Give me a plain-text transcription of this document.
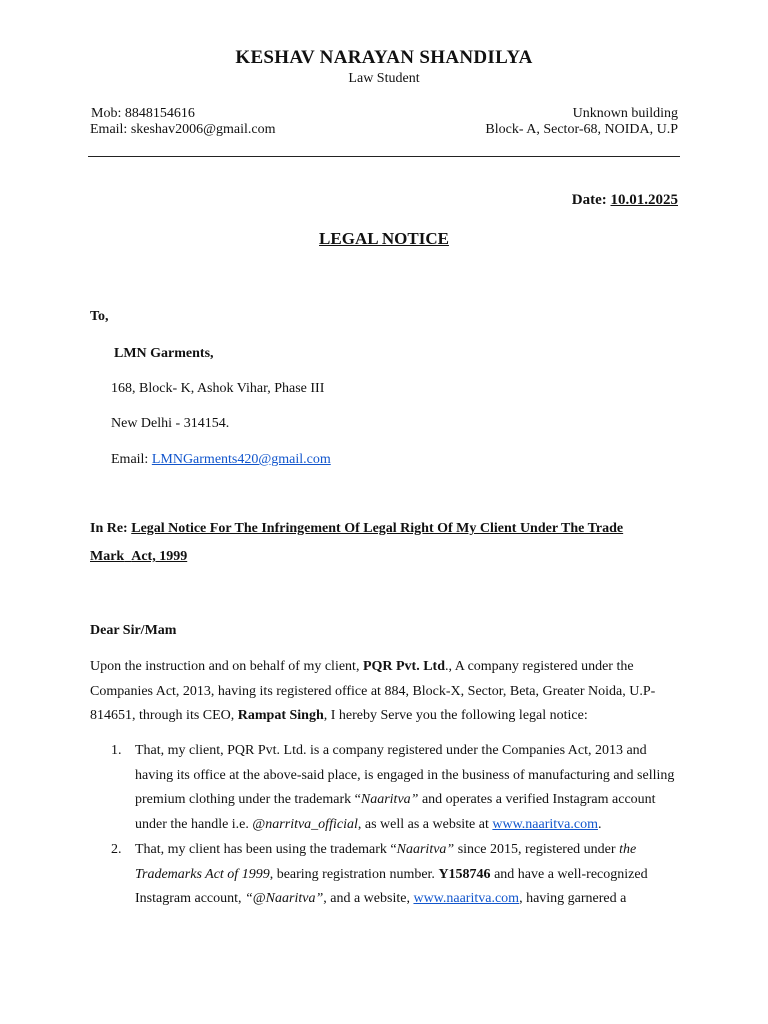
KESHAV NARAYAN SHANDILYA
Law Student
Mob: 8848154616
Email: skeshav2006@gmail.com
Unknown building
Block- A, Sector-68, NOIDA, U.P
Date: 10.01.2025
LEGAL NOTICE
To,
LMN Garments,
168, Block- K, Ashok Vihar, Phase III
New Delhi - 314154.
Email: LMNGarments420@gmail.com
In Re: Legal Notice For The Infringement Of Legal Right Of My Client Under The Trade
Mark Act, 1999
Dear Sir/Mam
Upon the instruction and on behalf of my client, PQR Pvt. Ltd., A company registered under the Companies Act, 2013, having its registered office at 884, Block-X, Sector, Beta, Greater Noida, U.P-814651, through its CEO, Rampat Singh, I hereby Serve you the following legal notice:
1. That, my client, PQR Pvt. Ltd. is a company registered under the Companies Act, 2013 and having its office at the above-said place, is engaged in the business of manufacturing and selling premium clothing under the trademark “Naaritva” and operates a verified Instagram account under the handle i.e. @narritva_official, as well as a website at www.naaritva.com.
2. That, my client has been using the trademark “Naaritva” since 2015, registered under the Trademarks Act of 1999, bearing registration number. Y158746 and have a well-recognized Instagram account, “@Naaritva”, and a website, www.naaritva.com, having garnered a
